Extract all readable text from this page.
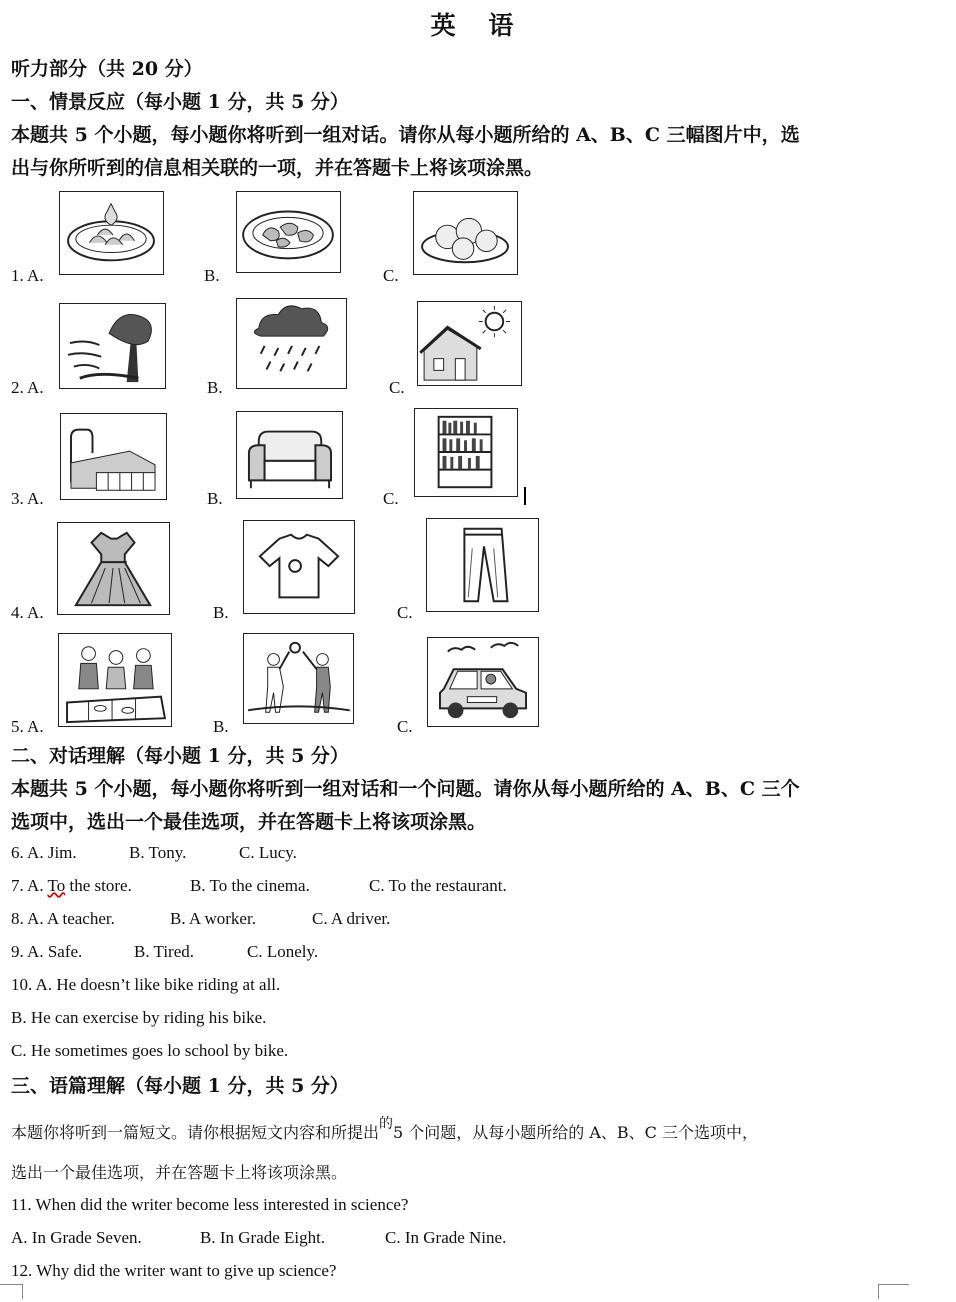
英 语
听力部分（共 20 分）
一、情景反应（每小题 1 分，共 5 分）
本题共 5 个小题，每小题你将听到一组对话。请你从每小题所给的 A、B、C 三幅图片中，选
出与你所听到的信息相关联的一项，并在答题卡上将该项涂黑。
1. A.	B.	C.
2. A.	B.	C.
3. A.	B.	C.
4. A.	B.	C.
5. A.	B.	C.
二、对话理解（每小题 1 分，共 5 分）
本题共 5 个小题，每小题你将听到一组对话和一个问题。请你从每小题所给的 A、B、C 三个
选项中，选出一个最佳选项，并在答题卡上将该项涂黑。
6. A. Jim.	B. Tony.	C. Lucy.
7. A. To the store.	B. To the cinema.	C. To the restaurant.
8. A. A teacher.	B. A worker.	C. A driver.
9. A. Safe.	B. Tired.	C. Lonely.
10. A. He doesn’t like bike riding at all.
B. He can exercise by riding his bike.
C. He sometimes goes lo school by bike.
三、语篇理解（每小题 1 分，共 5 分）
本题你将听到一篇短文。请你根据短文内容和所提出的5 个问题，从每小题所给的 A、B、C 三个选项中，
选出一个最佳选项，并在答题卡上将该项涂黑。
11. When did the writer become less interested in science?
A. In Grade Seven.	B. In Grade Eight.	C. In Grade Nine.
12. Why did the writer want to give up science?
